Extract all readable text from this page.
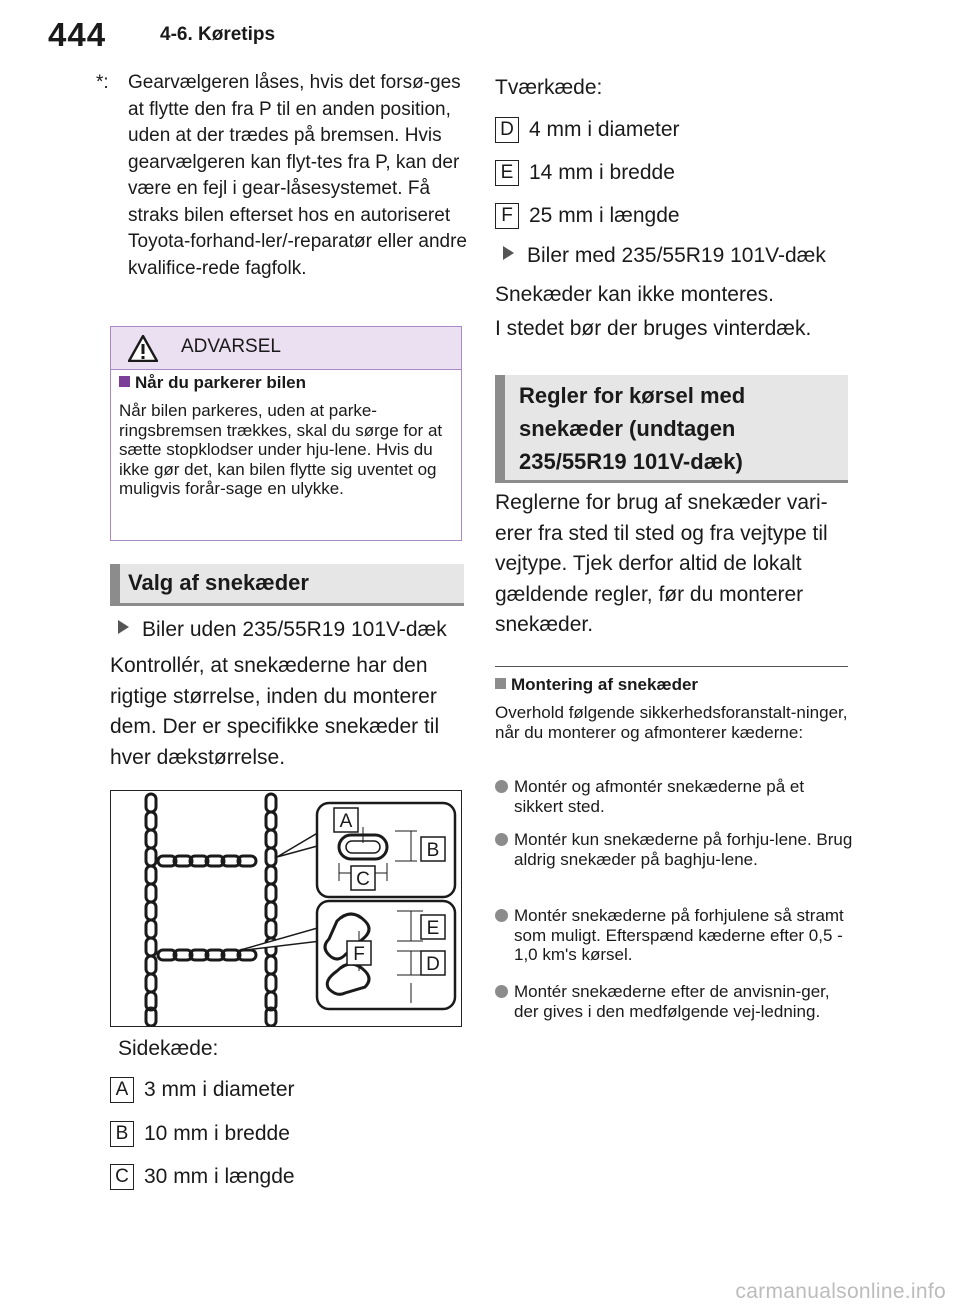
444	4-6. Køretips
*:	Gearvælgeren låses, hvis det forsø-ges at flytte den fra P til en anden position, uden at der trædes på bremsen. Hvis gearvælgeren kan flyt-tes fra P, kan der være en fejl i gear-låsesystemet. Få straks bilen efterset hos en autoriseret Toyota-forhand-ler/-reparatør eller andre kvalifice-rede fagfolk.
ADVARSEL
Når du parkerer bilen
Når bilen parkeres, uden at parke-ringsbremsen trækkes, skal du sørge for at sætte stopklodser under hju-lene. Hvis du ikke gør det, kan bilen flytte sig uventet og muligvis forår-sage en ulykke.
Valg af snekæder
Biler uden 235/55R19 101V-dæk
Kontrollér, at snekæderne har den rigtige størrelse, inden du monterer dem. Der er specifikke snekæder til hver dækstørrelse.
A
B
C
E
F	D
Sidekæde:
A 3 mm i diameter
B 10 mm i bredde
C 30 mm i længde
Tværkæde:
D 4 mm i diameter
E 14 mm i bredde
F 25 mm i længde
Biler med 235/55R19 101V-dæk
Snekæder kan ikke monteres.
I stedet bør der bruges vinterdæk.
Regler for kørsel med snekæder (undtagen 235/55R19 101V-dæk)
Reglerne for brug af snekæder vari-erer fra sted til sted og fra vejtype til vejtype. Tjek derfor altid de lokalt gældende regler, før du monterer snekæder.
Montering af snekæder
Overhold følgende sikkerhedsforanstalt-ninger, når du monterer og afmonterer kæderne:
Montér og afmontér snekæderne på et sikkert sted.
Montér kun snekæderne på forhju-lene. Brug aldrig snekæder på baghju-lene.
Montér snekæderne på forhjulene så stramt som muligt. Efterspænd kæderne efter 0,5 - 1,0 km's kørsel.
Montér snekæderne efter de anvisnin-ger, der gives i den medfølgende vej-ledning.
carmanualsonline.info
